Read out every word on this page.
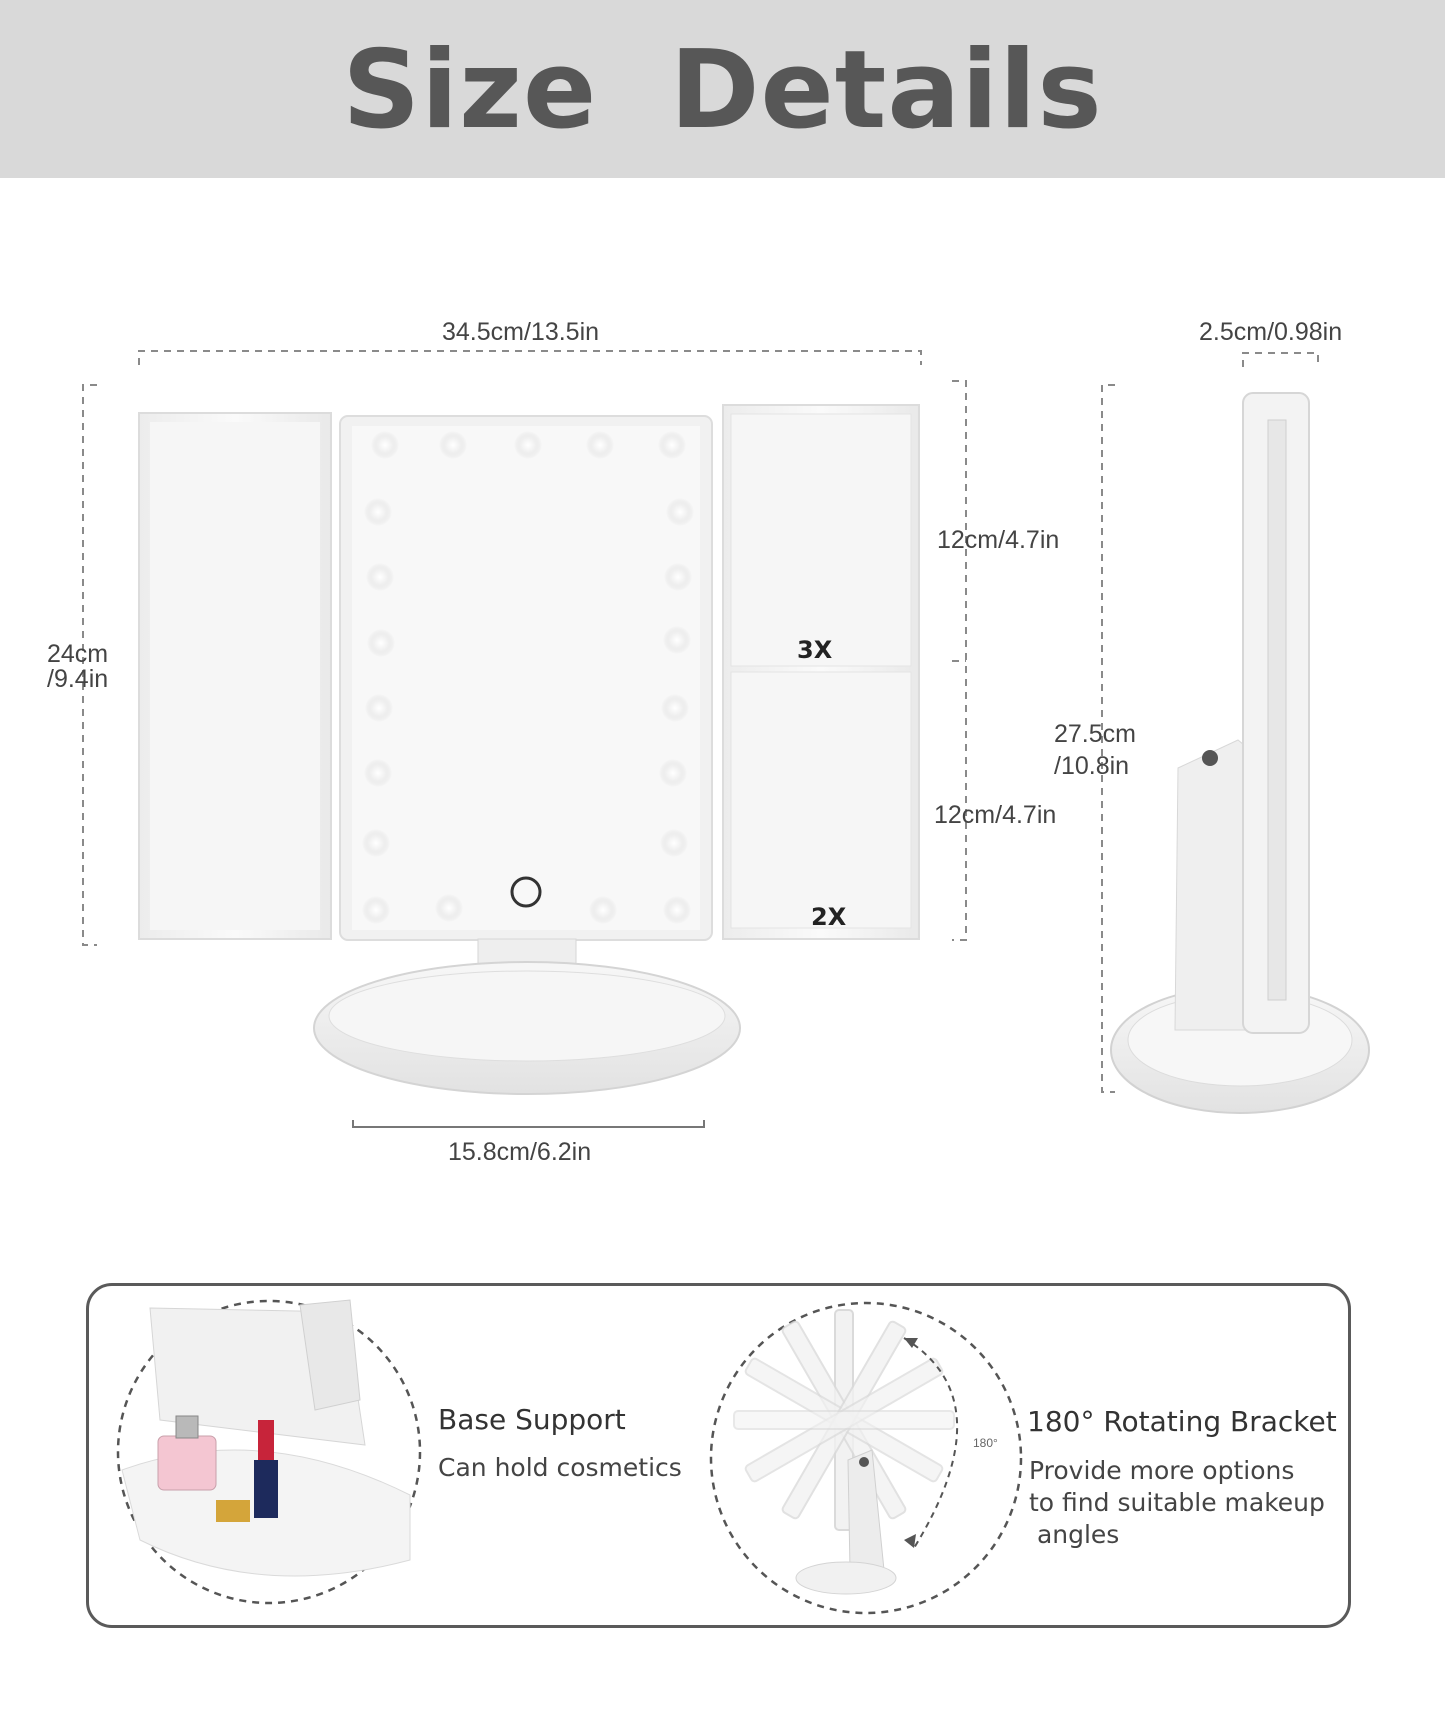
Size Details
34.5cm/13.5in	2.5cm/0.98in
24cm
/9.4in
12cm/4.7in
12cm/4.7in
27.5cm
/10.8in
15.8cm/6.2in
3X
2X
Base Support
Can hold cosmetics
180° Rotating Bracket
Provide more options
to find suitable makeup
angles
180°
